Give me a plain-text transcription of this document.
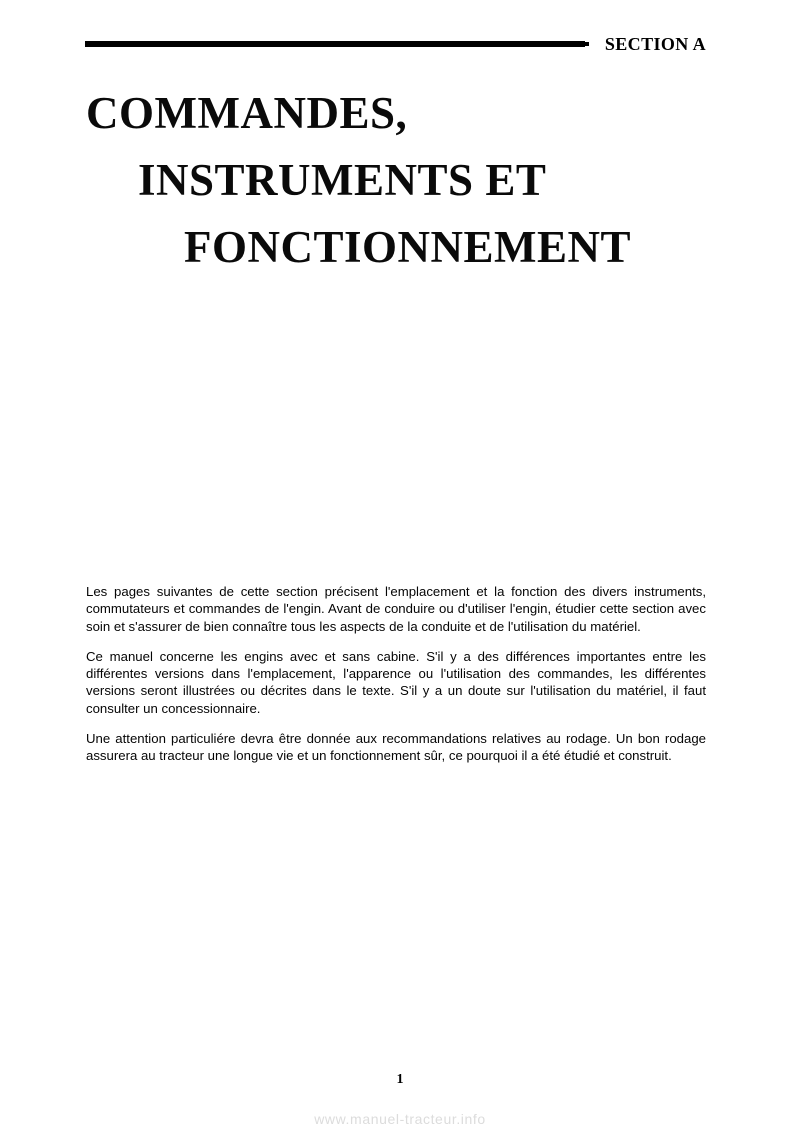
SECTION A
COMMANDES,
INSTRUMENTS ET
FONCTIONNEMENT

Les pages suivantes de cette section précisent l'emplacement et la fonction des divers instruments, commutateurs et commandes de l'engin. Avant de conduire ou d'utiliser l'engin, étudier cette section avec soin et s'assurer de bien connaître tous les aspects de la conduite et de l'utilisation du matériel.

Ce manuel concerne les engins avec et sans cabine. S'il y a des différences importantes entre les différentes versions dans l'emplacement, l'apparence ou l'utilisation des commandes, les différentes versions seront illustrées ou décrites dans le texte. S'il y a un doute sur l'utilisation du matériel, il faut consulter un concessionnaire.

Une attention particuliére devra être donnée aux recommandations relatives au rodage. Un bon rodage assurera au tracteur une longue vie et un fonctionnement sûr, ce pourquoi il a été étudié et construit.

1
www.manuel-tracteur.info
